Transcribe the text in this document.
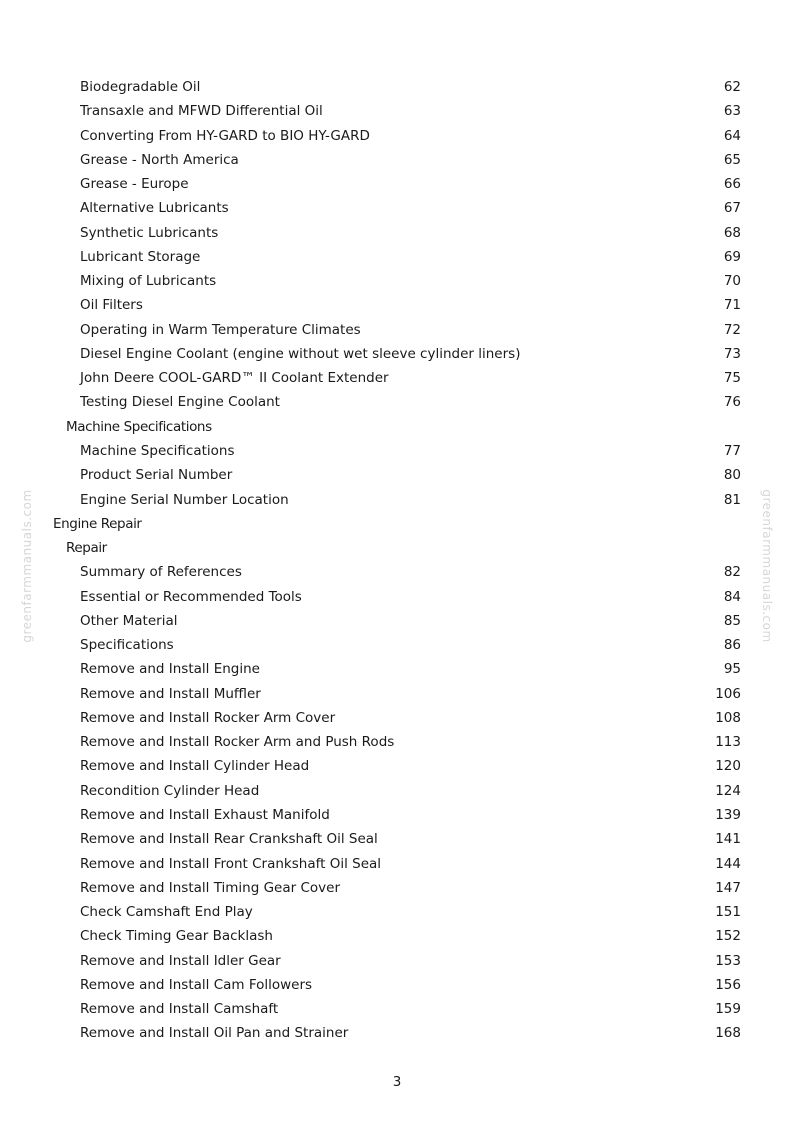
Biodegradable Oil	62
Transaxle and MFWD Differential Oil	63
Converting From HY-GARD to BIO HY-GARD	64
Grease - North America	65
Grease - Europe	66
Alternative Lubricants	67
Synthetic Lubricants	68
Lubricant Storage	69
Mixing of Lubricants	70
Oil Filters	71
Operating in Warm Temperature Climates	72
Diesel Engine Coolant (engine without wet sleeve cylinder liners)	73
John Deere COOL-GARD™ II Coolant Extender	75
Testing Diesel Engine Coolant	76
Machine Specifications
Machine Specifications	77
Product Serial Number	80
Engine Serial Number Location	81
Engine Repair
Repair
Summary of References	82
Essential or Recommended Tools	84
Other Material	85
Specifications	86
Remove and Install Engine	95
Remove and Install Muffler	106
Remove and Install Rocker Arm Cover	108
Remove and Install Rocker Arm and Push Rods	113
Remove and Install Cylinder Head	120
Recondition Cylinder Head	124
Remove and Install Exhaust Manifold	139
Remove and Install Rear Crankshaft Oil Seal	141
Remove and Install Front Crankshaft Oil Seal	144
Remove and Install Timing Gear Cover	147
Check Camshaft End Play	151
Check Timing Gear Backlash	152
Remove and Install Idler Gear	153
Remove and Install Cam Followers	156
Remove and Install Camshaft	159
Remove and Install Oil Pan and Strainer	168
greenfarmmanuals.com	greenfarmmanuals.com
3
